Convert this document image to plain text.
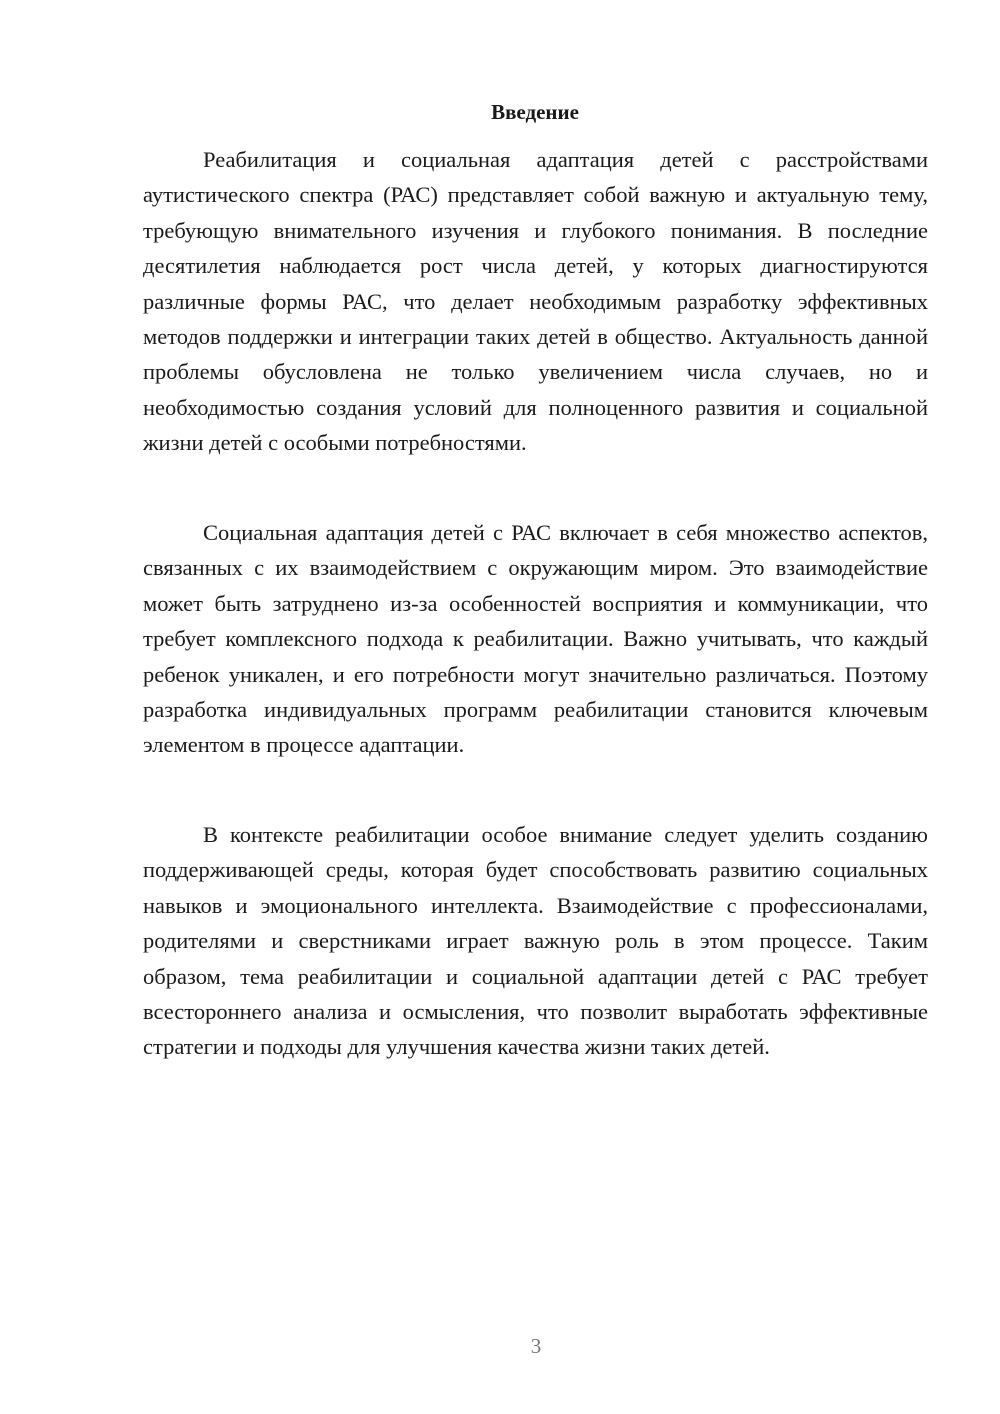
Введение

Реабилитация и социальная адаптация детей с расстройствами аутистического спектра (РАС) представляет собой важную и актуальную тему, требующую внимательного изучения и глубокого понимания. В последние десятилетия наблюдается рост числа детей, у которых диагностируются различные формы РАС, что делает необходимым разработку эффективных методов поддержки и интеграции таких детей в общество. Актуальность данной проблемы обусловлена не только увеличением числа случаев, но и необходимостью создания условий для полноценного развития и социальной жизни детей с особыми потребностями.

Социальная адаптация детей с РАС включает в себя множество аспектов, связанных с их взаимодействием с окружающим миром. Это взаимодействие может быть затруднено из-за особенностей восприятия и коммуникации, что требует комплексного подхода к реабилитации. Важно учитывать, что каждый ребенок уникален, и его потребности могут значительно различаться. Поэтому разработка индивидуальных программ реабилитации становится ключевым элементом в процессе адаптации.

В контексте реабилитации особое внимание следует уделить созданию поддерживающей среды, которая будет способствовать развитию социальных навыков и эмоционального интеллекта. Взаимодействие с профессионалами, родителями и сверстниками играет важную роль в этом процессе. Таким образом, тема реабилитации и социальной адаптации детей с РАС требует всестороннего анализа и осмысления, что позволит выработать эффективные стратегии и подходы для улучшения качества жизни таких детей.

3
